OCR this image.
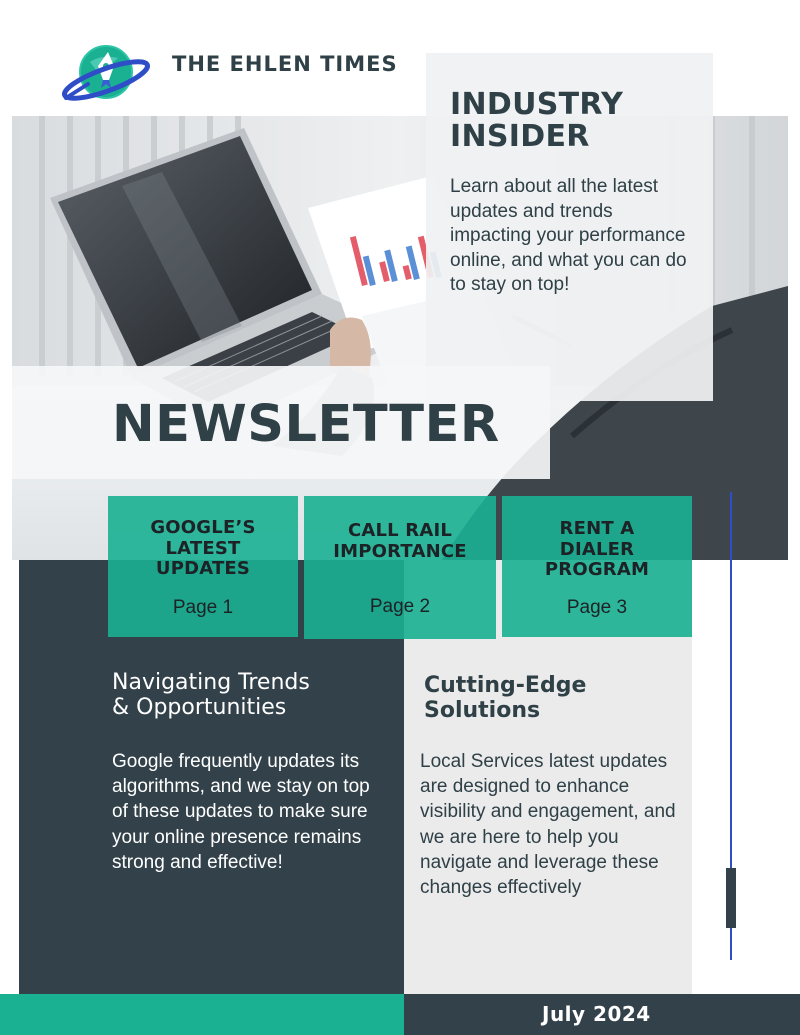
THE EHLEN TIMES
INDUSTRY
INSIDER
Learn about all the latest updates and trends impacting your performance online, and what you can do to stay on top!
NEWSLETTER
GOOGLE’S
LATEST
UPDATES
Page 1
CALL RAIL
IMPORTANCE
Page 2
RENT A
DIALER
PROGRAM
Page 3
Navigating Trends
& Opportunities
Google frequently updates its algorithms, and we stay on top of these updates to make sure your online presence remains strong and effective!
Cutting-Edge
Solutions
Local Services latest updates are designed to enhance visibility and engagement, and we are here to help you navigate and leverage these changes effectively
July 2024
